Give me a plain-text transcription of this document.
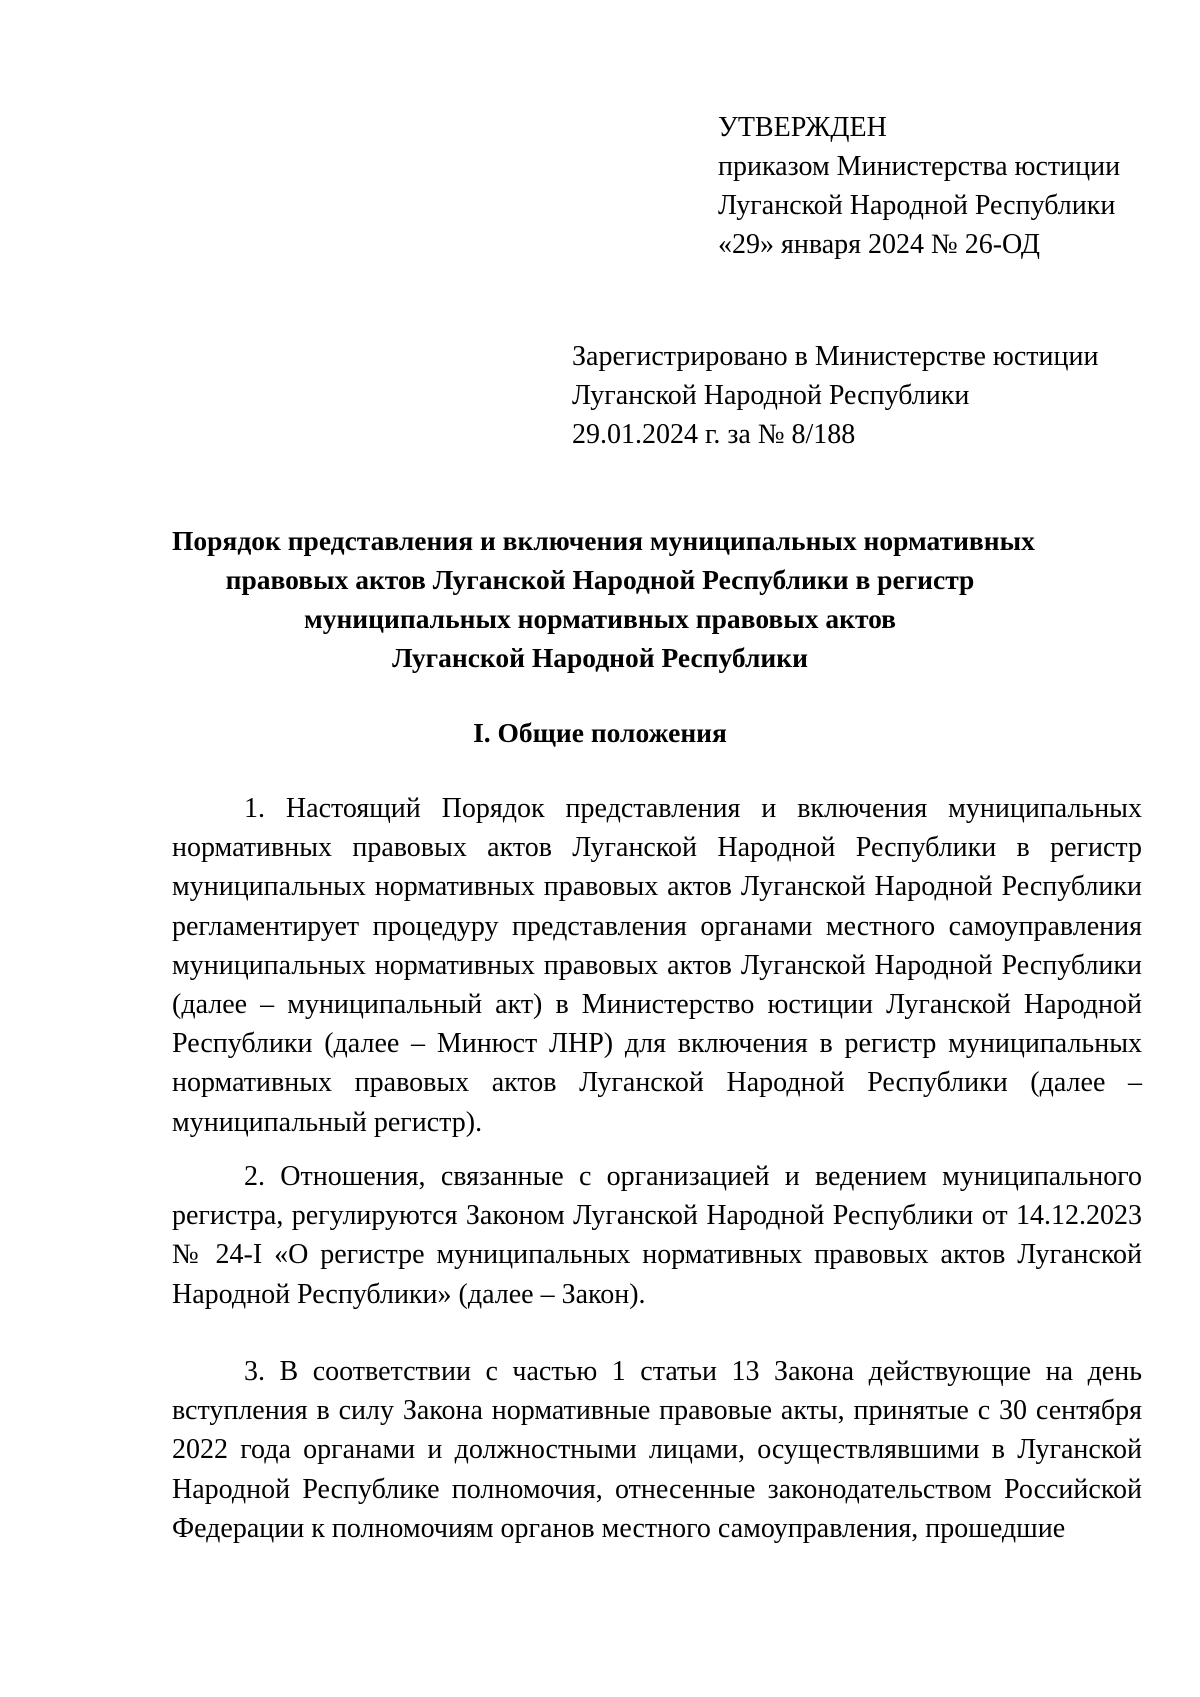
УТВЕРЖДЕН
приказом Министерства юстиции
Луганской Народной Республики
«29» января 2024 № 26-ОД
Зарегистрировано в Министерстве юстиции
Луганской Народной Республики
29.01.2024 г. за № 8/188
Порядок представления и включения муниципальных нормативных
правовых актов Луганской Народной Республики в регистр
муниципальных нормативных правовых актов
Луганской Народной Республики
I. Общие положения

1. Настоящий Порядок представления и включения муниципальных нормативных правовых актов Луганской Народной Республики в регистр муниципальных нормативных правовых актов Луганской Народной Республики регламентирует процедуру представления органами местного самоуправления муниципальных нормативных правовых актов Луганской Народной Республики (далее – муниципальный акт) в Министерство юстиции Луганской Народной Республики (далее – Минюст ЛНР) для включения в регистр муниципальных нормативных правовых актов Луганской Народной Республики (далее – муниципальный регистр).

2. Отношения, связанные с организацией и ведением муниципального регистра, регулируются Законом Луганской Народной Республики от 14.12.2023 № 24-I «О регистре муниципальных нормативных правовых актов Луганской Народной Республики» (далее – Закон).

3. В соответствии с частью 1 статьи 13 Закона действующие на день вступления в силу Закона нормативные правовые акты, принятые с 30 сентября 2022 года органами и должностными лицами, осуществлявшими в Луганской Народной Республике полномочия, отнесенные законодательством Российской Федерации к полномочиям органов местного самоуправления, прошедшие
